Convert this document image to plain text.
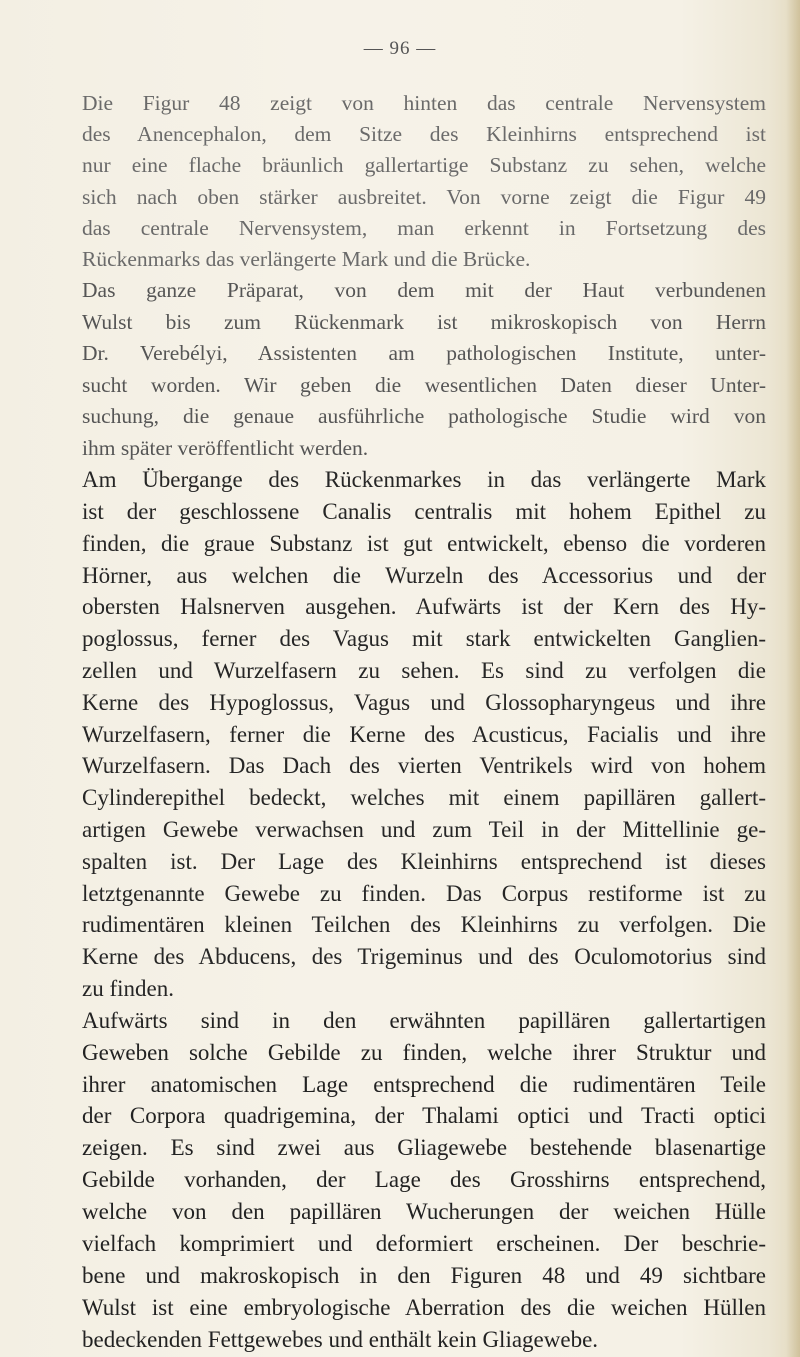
— 96 —
Die Figur 48 zeigt von hinten das centrale Nervensystem
des Anencephalon, dem Sitze des Kleinhirns entsprechend ist
nur eine flache bräunlich gallertartige Substanz zu sehen, welche
sich nach oben stärker ausbreitet. Von vorne zeigt die Figur 49
das centrale Nervensystem, man erkennt in Fortsetzung des
Rückenmarks das verlängerte Mark und die Brücke.
Das ganze Präparat, von dem mit der Haut verbundenen
Wulst bis zum Rückenmark ist mikroskopisch von Herrn
Dr. Verebélyi, Assistenten am pathologischen Institute, unter-
sucht worden. Wir geben die wesentlichen Daten dieser Unter-
suchung, die genaue ausführliche pathologische Studie wird von
ihm später veröffentlicht werden.
Am Übergange des Rückenmarkes in das verlängerte Mark
ist der geschlossene Canalis centralis mit hohem Epithel zu
finden, die graue Substanz ist gut entwickelt, ebenso die vorderen
Hörner, aus welchen die Wurzeln des Accessorius und der
obersten Halsnerven ausgehen. Aufwärts ist der Kern des Hy-
poglossus, ferner des Vagus mit stark entwickelten Ganglien-
zellen und Wurzelfasern zu sehen. Es sind zu verfolgen die
Kerne des Hypoglossus, Vagus und Glossopharyngeus und ihre
Wurzelfasern, ferner die Kerne des Acusticus, Facialis und ihre
Wurzelfasern. Das Dach des vierten Ventrikels wird von hohem
Cylinderepithel bedeckt, welches mit einem papillären gallert-
artigen Gewebe verwachsen und zum Teil in der Mittellinie ge-
spalten ist. Der Lage des Kleinhirns entsprechend ist dieses
letztgenannte Gewebe zu finden. Das Corpus restiforme ist zu
rudimentären kleinen Teilchen des Kleinhirns zu verfolgen. Die
Kerne des Abducens, des Trigeminus und des Oculomotorius sind
zu finden.
Aufwärts sind in den erwähnten papillären gallertartigen
Geweben solche Gebilde zu finden, welche ihrer Struktur und
ihrer anatomischen Lage entsprechend die rudimentären Teile
der Corpora quadrigemina, der Thalami optici und Tracti optici
zeigen. Es sind zwei aus Gliagewebe bestehende blasenartige
Gebilde vorhanden, der Lage des Grosshirns entsprechend,
welche von den papillären Wucherungen der weichen Hülle
vielfach komprimiert und deformiert erscheinen. Der beschrie-
bene und makroskopisch in den Figuren 48 und 49 sichtbare
Wulst ist eine embryologische Aberration des die weichen Hüllen
bedeckenden Fettgewebes und enthält kein Gliagewebe.
